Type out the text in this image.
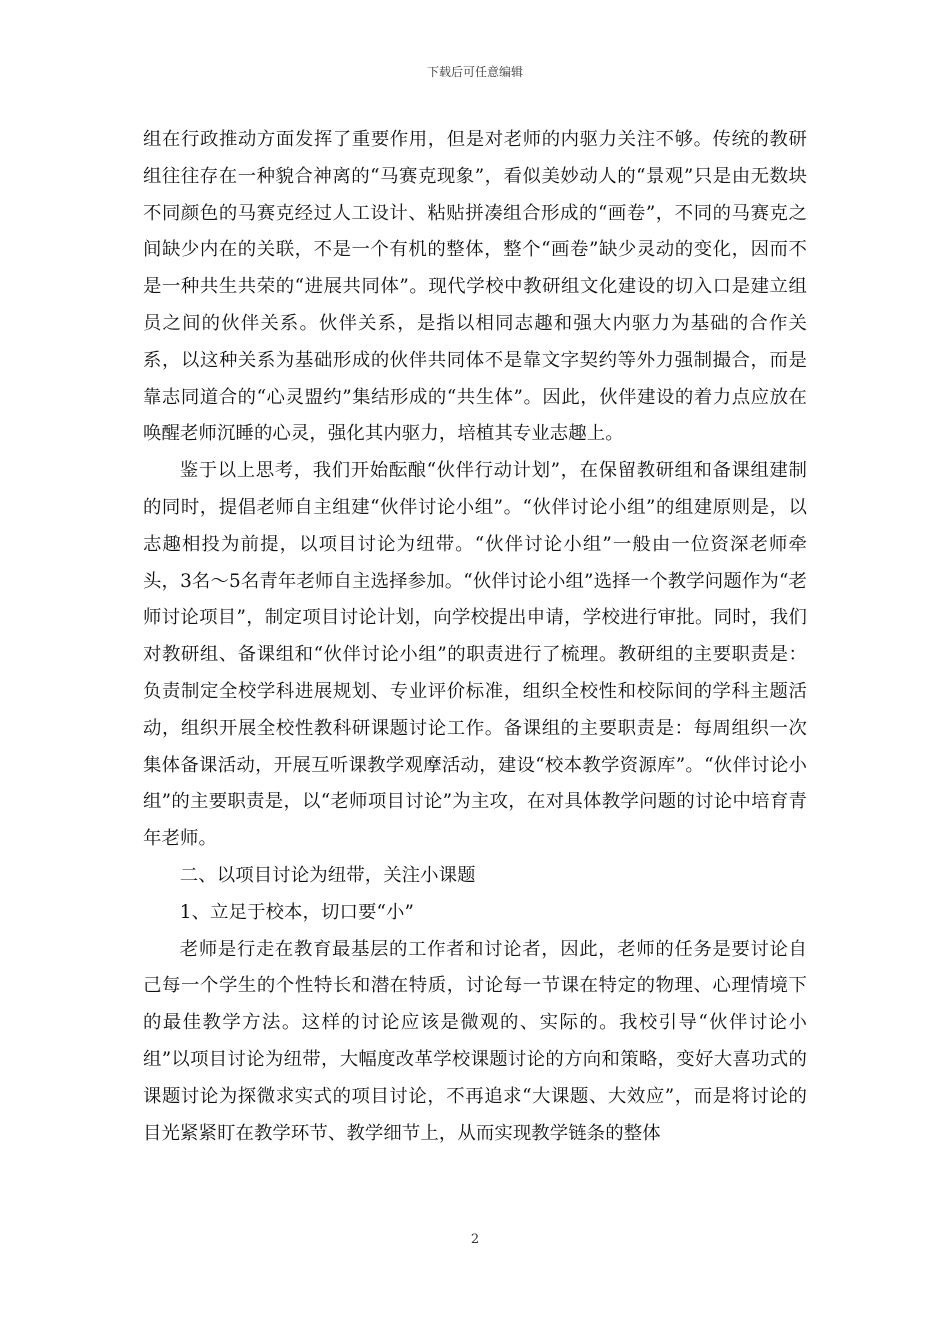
下载后可任意编辑

组在行政推动方面发挥了重要作用，但是对老师的内驱力关注不够。传统的教研组往往存在一种貌合神离的“马赛克现象”，看似美妙动人的“景观”只是由无数块不同颜色的马赛克经过人工设计、粘贴拼凑组合形成的“画卷”，不同的马赛克之间缺少内在的关联，不是一个有机的整体，整个“画卷”缺少灵动的变化，因而不是一种共生共荣的“进展共同体”。现代学校中教研组文化建设的切入口是建立组员之间的伙伴关系。伙伴关系，是指以相同志趣和强大内驱力为基础的合作关系，以这种关系为基础形成的伙伴共同体不是靠文字契约等外力强制撮合，而是靠志同道合的“心灵盟约”集结形成的“共生体”。因此，伙伴建设的着力点应放在唤醒老师沉睡的心灵，强化其内驱力，培植其专业志趣上。

鉴于以上思考，我们开始酝酿“伙伴行动计划”，在保留教研组和备课组建制的同时，提倡老师自主组建“伙伴讨论小组”。“伙伴讨论小组”的组建原则是，以志趣相投为前提，以项目讨论为纽带。“伙伴讨论小组”一般由一位资深老师牵头，3名～5名青年老师自主选择参加。“伙伴讨论小组”选择一个教学问题作为“老师讨论项目”，制定项目讨论计划，向学校提出申请，学校进行审批。同时，我们对教研组、备课组和“伙伴讨论小组”的职责进行了梳理。教研组的主要职责是：负责制定全校学科进展规划、专业评价标准，组织全校性和校际间的学科主题活动，组织开展全校性教科研课题讨论工作。备课组的主要职责是：每周组织一次集体备课活动，开展互听课教学观摩活动，建设“校本教学资源库”。“伙伴讨论小组”的主要职责是，以“老师项目讨论”为主攻，在对具体教学问题的讨论中培育青年老师。

二、以项目讨论为纽带，关注小课题

1、立足于校本，切口要“小”

老师是行走在教育最基层的工作者和讨论者，因此，老师的任务是要讨论自己每一个学生的个性特长和潜在特质，讨论每一节课在特定的物理、心理情境下的最佳教学方法。这样的讨论应该是微观的、实际的。我校引导“伙伴讨论小组”以项目讨论为纽带，大幅度改革学校课题讨论的方向和策略，变好大喜功式的课题讨论为探微求实式的项目讨论，不再追求“大课题、大效应”，而是将讨论的目光紧紧盯在教学环节、教学细节上，从而实现教学链条的整体

2
